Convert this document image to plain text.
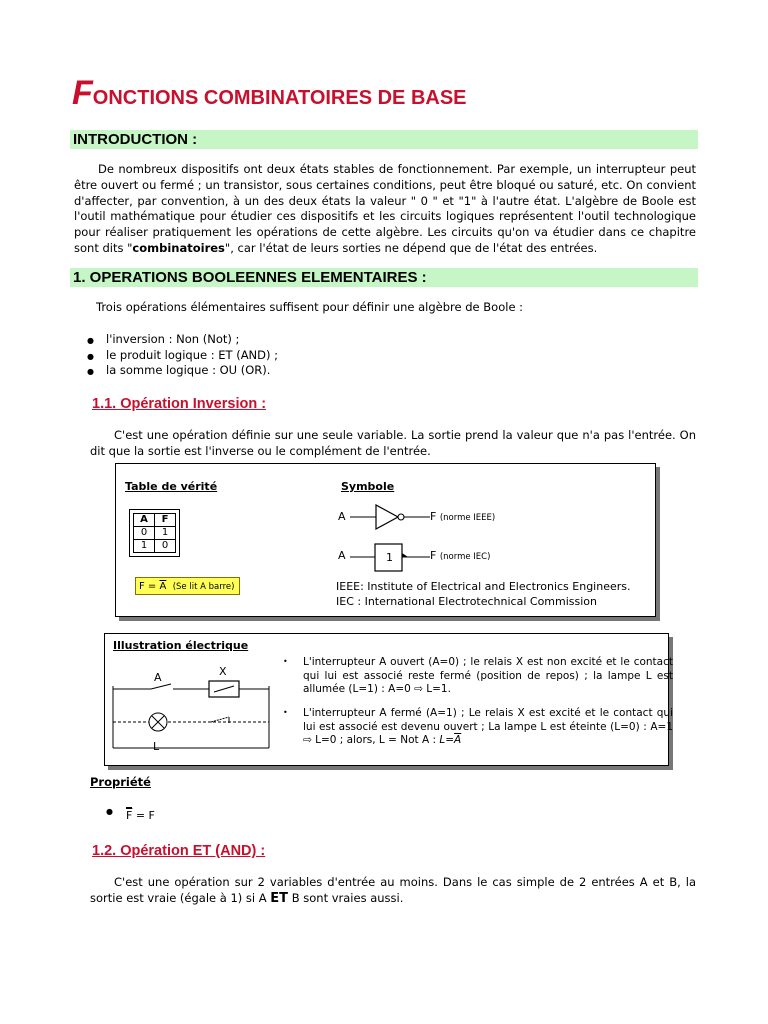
FONCTIONS COMBINATOIRES DE BASE
INTRODUCTION :
De nombreux dispositifs ont deux états stables de fonctionnement. Par exemple, un interrupteur peut être ouvert ou fermé ; un transistor, sous certaines conditions, peut être bloqué ou saturé, etc. On convient d'affecter, par convention, à un des deux états la valeur " 0 " et "1" à l'autre état. L'algèbre de Boole est l'outil mathématique pour étudier ces dispositifs et les circuits logiques représentent l'outil technologique pour réaliser pratiquement les opérations de cette algèbre. Les circuits qu'on va étudier dans ce chapitre sont dits "combinatoires", car l'état de leurs sorties ne dépend que de l'état des entrées.
1. OPERATIONS BOOLEENNES ELEMENTAIRES :
Trois opérations élémentaires suffisent pour définir une algèbre de Boole :
● l'inversion : Non (Not) ;
● le produit logique : ET (AND) ;
● la somme logique : OU (OR).
1.1. Opération Inversion :
C'est une opération définie sur une seule variable. La sortie prend la valeur que n'a pas l'entrée. On dit que la sortie est l'inverse ou le complément de l'entrée.
Table de vérité	Symbole
A	F
0	1
1	0
$F = \overline{A}$ (Se lit A barre)
A	F (norme IEEE)
A	1	F (norme IEC)
IEEE: Institute of Electrical and Electronics Engineers.
IEC : International Electrotechnical Commission
Illustration électrique
A	X
L
• L'interrupteur A ouvert (A=0) ; le relais X est non excité et le contact qui lui est associé reste fermé (position de repos) ; la lampe L est allumée (L=1) : A=0 ⇨ L=1.
• L'interrupteur A fermé (A=1) ; Le relais X est excité et le contact qui lui est associé est devenu ouvert ; La lampe L est éteinte (L=0) : A=1 ⇨ L=0 ; alors, L = Not A : $L=\overline{A}$
Propriété
● $\overline{F} = F$
1.2. Opération ET (AND) :
C'est une opération sur 2 variables d'entrée au moins. Dans le cas simple de 2 entrées A et B, la sortie est vraie (égale à 1) si A ET B sont vraies aussi.
